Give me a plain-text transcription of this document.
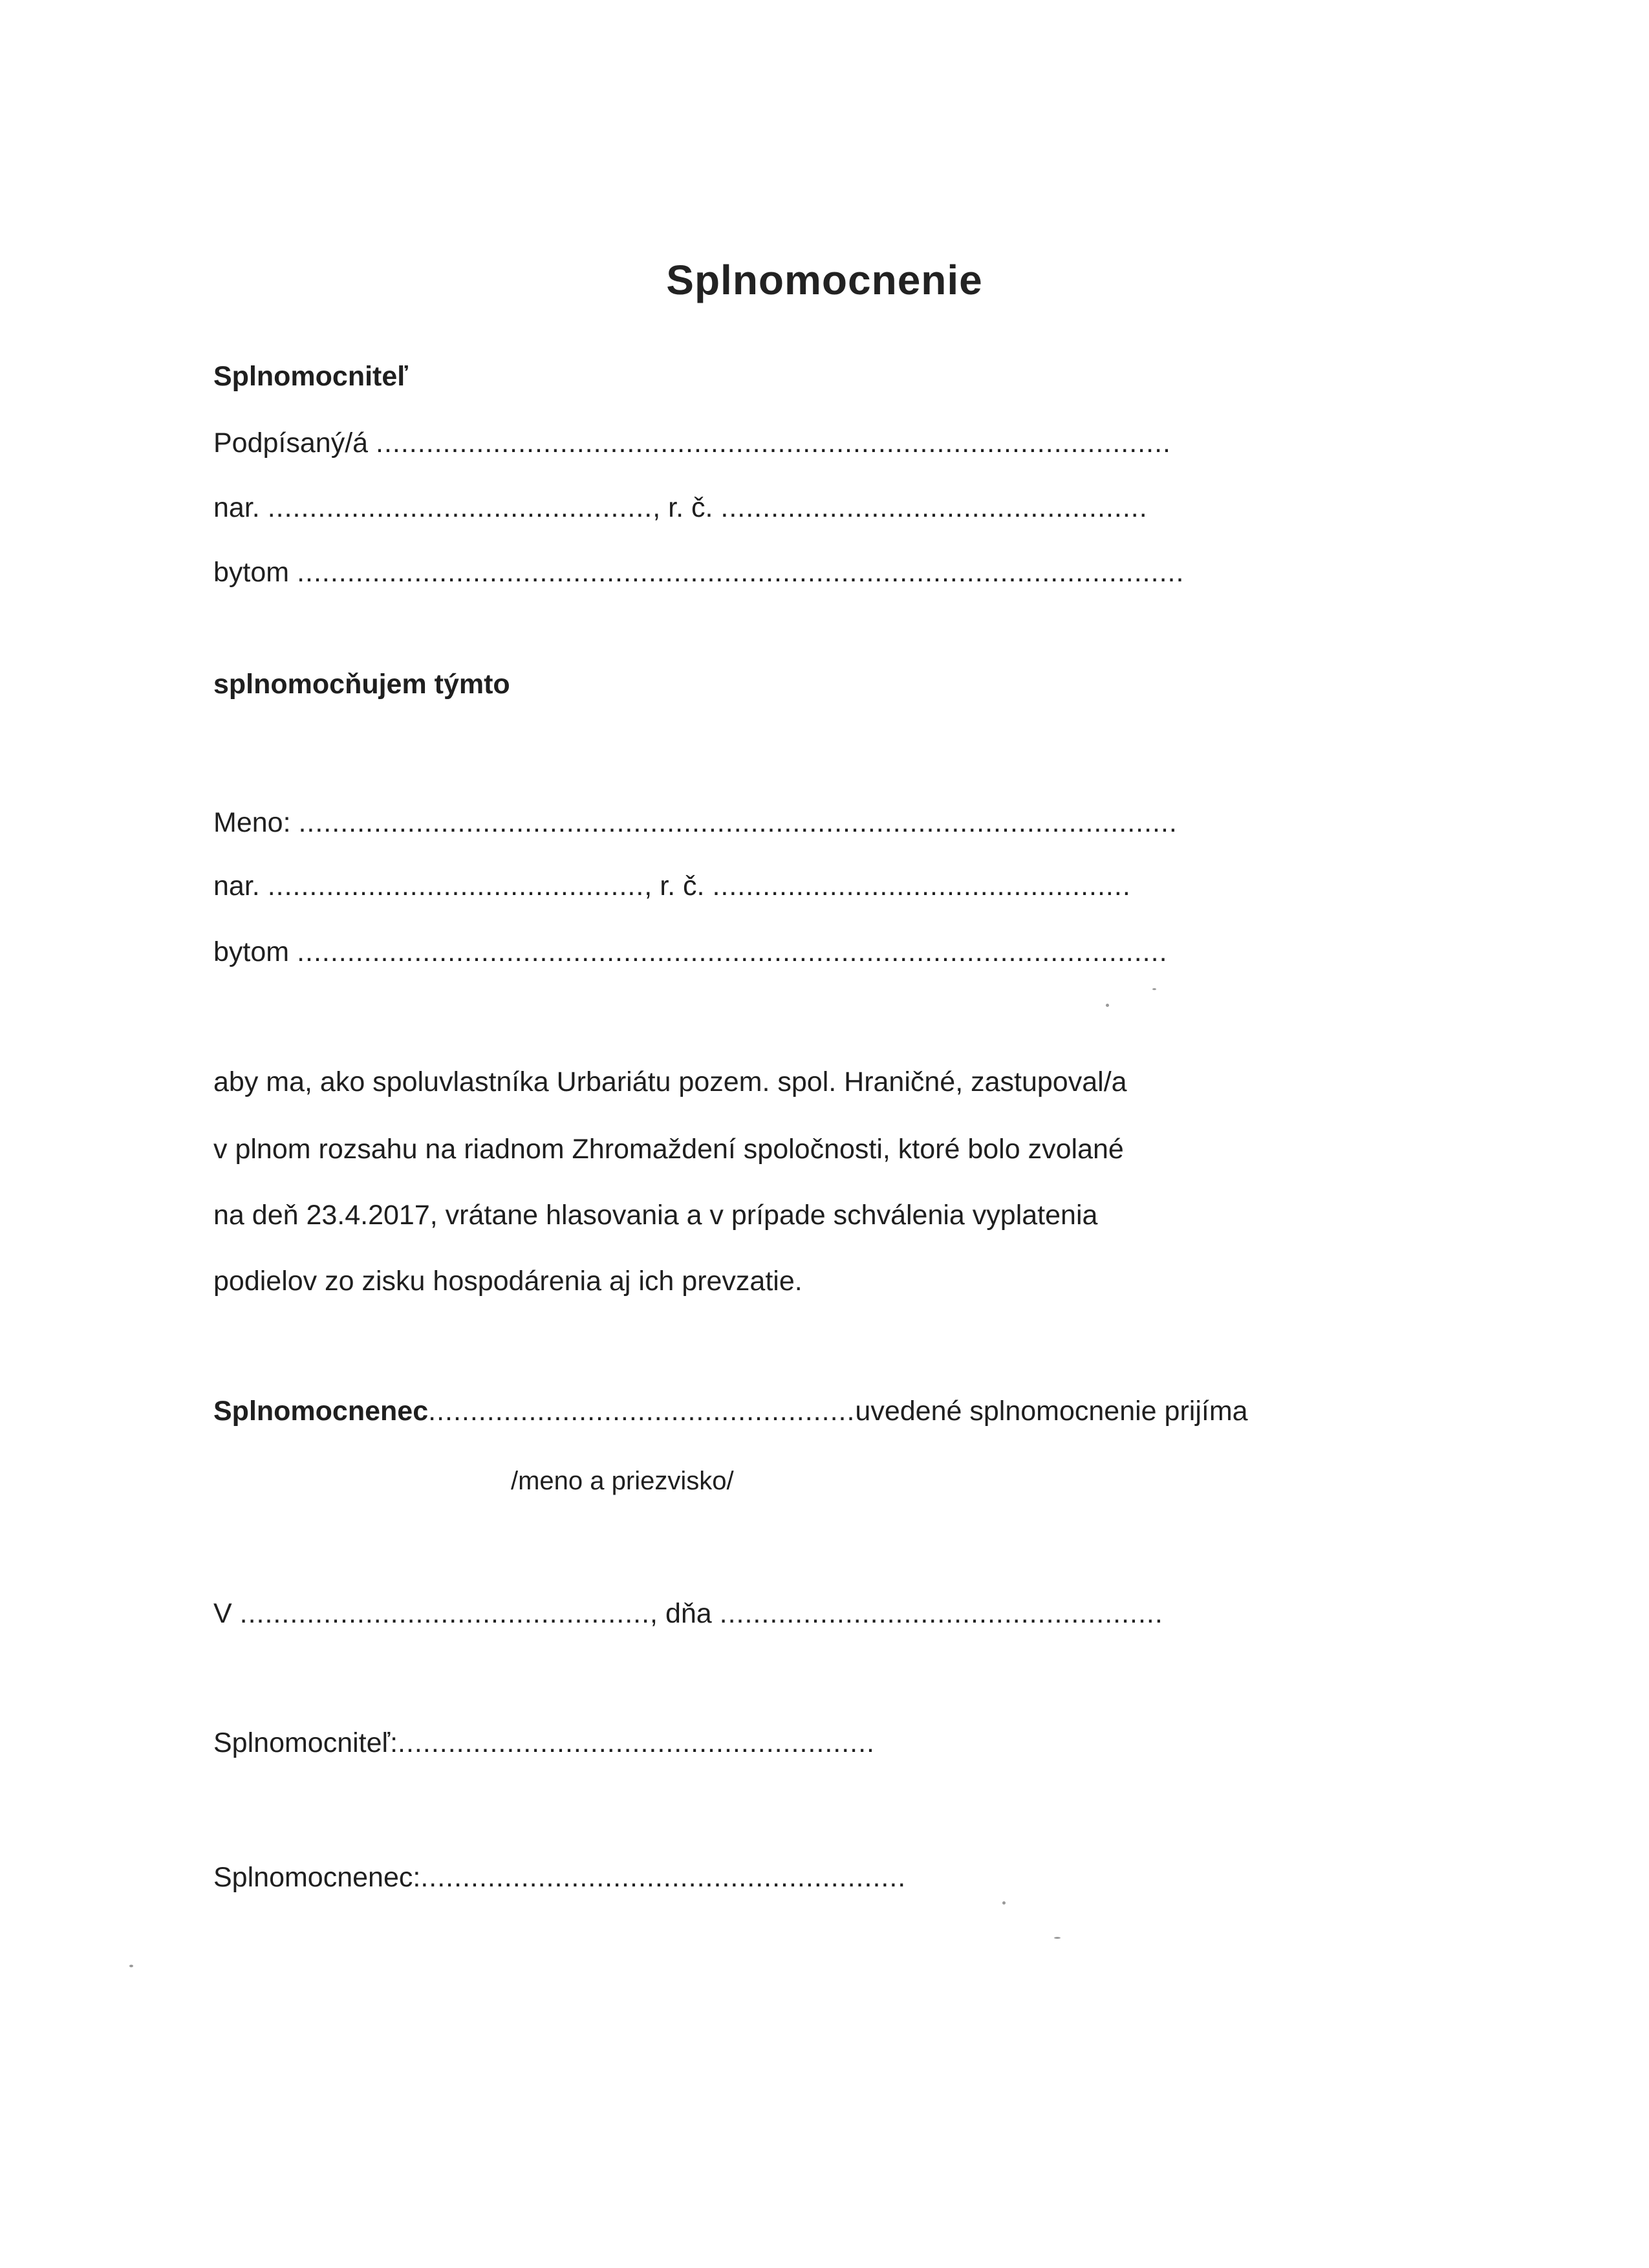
Splnomocnenie
Splnomocniteľ
Podpísaný/á ...............................................................................................
nar. .............................................., r. č. ...................................................
bytom ..........................................................................................................
splnomocňujem týmto
Meno: .........................................................................................................
nar. ............................................., r. č. ..................................................
bytom ........................................................................................................
aby ma, ako spoluvlastníka Urbariátu pozem. spol. Hraničné, zastupoval/a
v plnom rozsahu na riadnom Zhromaždení spoločnosti, ktoré bolo zvolané
na deň 23.4.2017, vrátane hlasovania a v prípade schválenia vyplatenia
podielov zo zisku hospodárenia aj ich prevzatie.
Splnomocnenec...................................................uvedené splnomocnenie prijíma
/meno a priezvisko/
V ................................................., dňa .....................................................
Splnomocniteľ:.........................................................
Splnomocnenec:..........................................................
